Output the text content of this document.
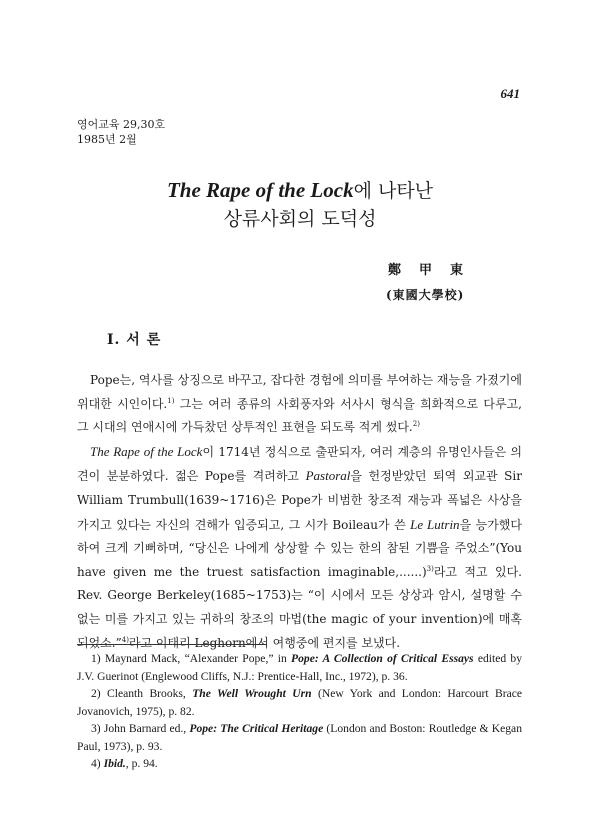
641
영어교육 29,30호
1985년 2월
The Rape of the Lock에 나타난
상류사회의 도덕성
鄭甲東
(東國大學校)
I. 서 론

Pope는, 역사를 상징으로 바꾸고, 잡다한 경험에 의미를 부여하는 재능을 가졌기에 위대한 시인이다.$^{1)}$ 그는 여러 종류의 사회풍자와 서사시 형식을 희화적으로 다루고, 그 시대의 연애시에 가득찼던 상투적인 표현을 되도록 적게 썼다.$^{2)}$

The Rape of the Lock이 1714년 정식으로 출판되자, 여러 계층의 유명인사들은 의견이 분분하였다. 젊은 Pope를 격려하고 Pastoral을 헌정받았던 퇴역 외교관 Sir William Trumbull(1639~1716)은 Pope가 비범한 창조적 재능과 폭넓은 사상을 가지고 있다는 자신의 견해가 입증되고, 그 시가 Boileau가 쓴 Le Lutrin을 능가했다하여 크게 기뻐하며, “당신은 나에게 상상할 수 있는 한의 참된 기쁨을 주었소”(You have given me the truest satisfaction imaginable,......)$^{3)}$라고 적고 있다. Rev. George Berkeley(1685~1753)는 “이 시에서 모든 상상과 암시, 설명할 수 없는 미를 가지고 있는 귀하의 창조의 마법(the magic of your invention)에 매혹되었소.”$^{4)}$라고 이태리 Leghorn에서 여행중에 편지를 보냈다.

1) Maynard Mack, “Alexander Pope,” in Pope: A Collection of Critical Essays edited by J.V. Guerinot (Englewood Cliffs, N.J.: Prentice-Hall, Inc., 1972), p. 36.

2) Cleanth Brooks, The Well Wrought Urn (New York and London: Harcourt Brace Jovanovich, 1975), p. 82.

3) John Barnard ed., Pope: The Critical Heritage (London and Boston: Routledge & Kegan Paul, 1973), p. 93.

4) Ibid., p. 94.
